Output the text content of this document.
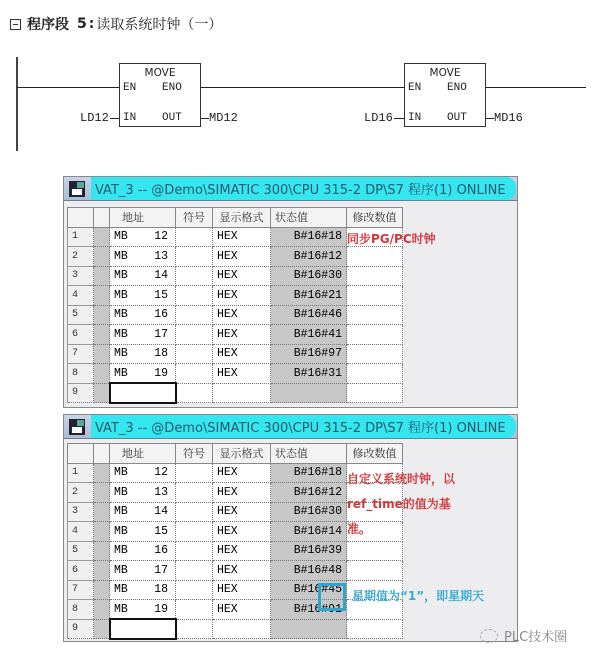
程序段 5 : 读取系统时钟（一）
MOVE
EN ENO
IN OUT
LD12	MD12
MOVE
EN ENO
IN OUT
LD16	MD16
VAT_3 -- @Demo\SIMATIC 300\CPU 315-2 DP\S7 程序(1) ONLINE
		地址	符号	显示格式	状态值	修改数值
1		MB 12		HEX	B#16#18	
2		MB 13		HEX	B#16#12	
3		MB 14		HEX	B#16#30	
4		MB 15		HEX	B#16#21	
5		MB 16		HEX	B#16#46	
6		MB 17		HEX	B#16#41	
7		MB 18		HEX	B#16#97	
8		MB 19		HEX	B#16#31	
9						
同步PG/PC时钟
VAT_3 -- @Demo\SIMATIC 300\CPU 315-2 DP\S7 程序(1) ONLINE
		地址	符号	显示格式	状态值	修改数值
1		MB 12		HEX	B#16#18	
2		MB 13		HEX	B#16#12	
3		MB 14		HEX	B#16#30	
4		MB 15		HEX	B#16#14	
5		MB 16		HEX	B#16#39	
6		MB 17		HEX	B#16#48	
7		MB 18		HEX	B#16#45	
8		MB 19		HEX	B#16#91	
9						
自定义系统时钟，以
ref_time的值为基
准。
星期值为“1”，即星期天
PLC技术圈
